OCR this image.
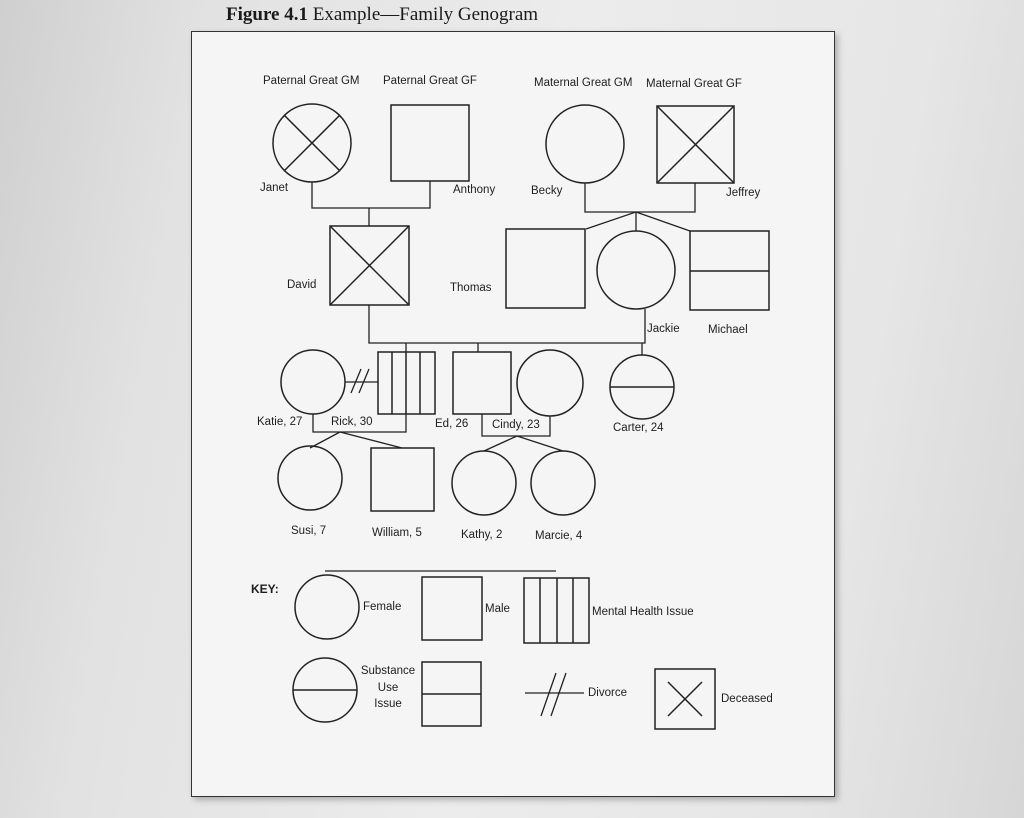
Figure 4.1 Example—Family Genogram
Paternal Great GM Paternal Great GF	Maternal Great GM Maternal Great GF
Janet	Anthony	Becky	Jeffrey
David	Thomas
Jackie Michael
Katie, 27 Rick, 30	Ed, 26 Cindy, 23	Carter, 24
Susi, 7	William, 5	Kathy, 2	Marcie, 4
KEY:
Female	Male	Mental Health Issue
Substance
Use
Issue
Divorce	Deceased
